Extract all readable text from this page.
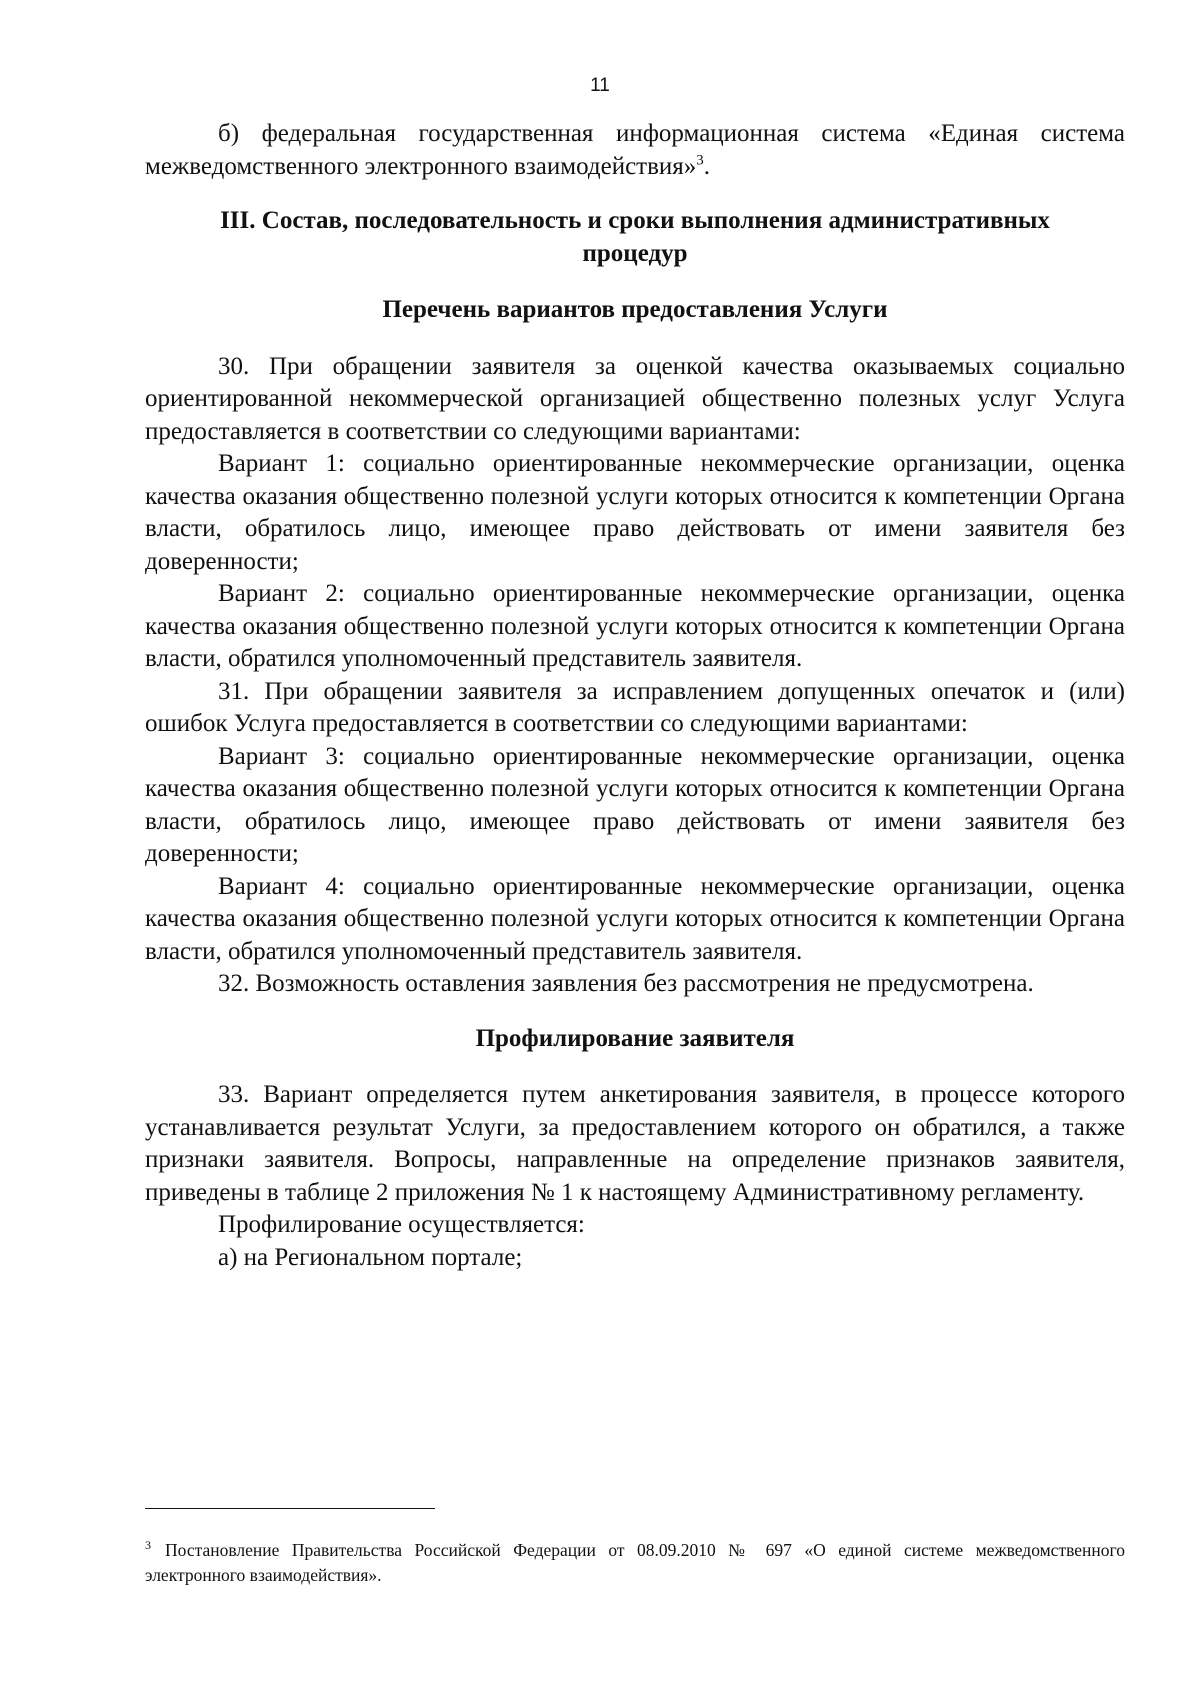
11

б) федеральная государственная информационная система «Единая система межведомственного электронного взаимодействия»$^3$.

III. Состав, последовательность и сроки выполнения административных
процедур
Перечень вариантов предоставления Услуги

30. При обращении заявителя за оценкой качества оказываемых социально ориентированной некоммерческой организацией общественно полезных услуг Услуга предоставляется в соответствии со следующими вариантами:

Вариант 1: социально ориентированные некоммерческие организации, оценка качества оказания общественно полезной услуги которых относится к компетенции Органа власти, обратилось лицо, имеющее право действовать от имени заявителя без доверенности;

Вариант 2: социально ориентированные некоммерческие организации, оценка качества оказания общественно полезной услуги которых относится к компетенции Органа власти, обратился уполномоченный представитель заявителя.

31. При обращении заявителя за исправлением допущенных опечаток и (или) ошибок Услуга предоставляется в соответствии со следующими вариантами:

Вариант 3: социально ориентированные некоммерческие организации, оценка качества оказания общественно полезной услуги которых относится к компетенции Органа власти, обратилось лицо, имеющее право действовать от имени заявителя без доверенности;

Вариант 4: социально ориентированные некоммерческие организации, оценка качества оказания общественно полезной услуги которых относится к компетенции Органа власти, обратился уполномоченный представитель заявителя.

32. Возможность оставления заявления без рассмотрения не предусмотрена.

Профилирование заявителя

33. Вариант определяется путем анкетирования заявителя, в процессе которого устанавливается результат Услуги, за предоставлением которого он обратился, а также признаки заявителя. Вопросы, направленные на определение признаков заявителя, приведены в таблице 2 приложения № 1 к настоящему Административному регламенту.

Профилирование осуществляется:

а) на Региональном портале;

$^3$ Постановление Правительства Российской Федерации от 08.09.2010 № 697 «О единой системе межведомственного электронного взаимодействия».
